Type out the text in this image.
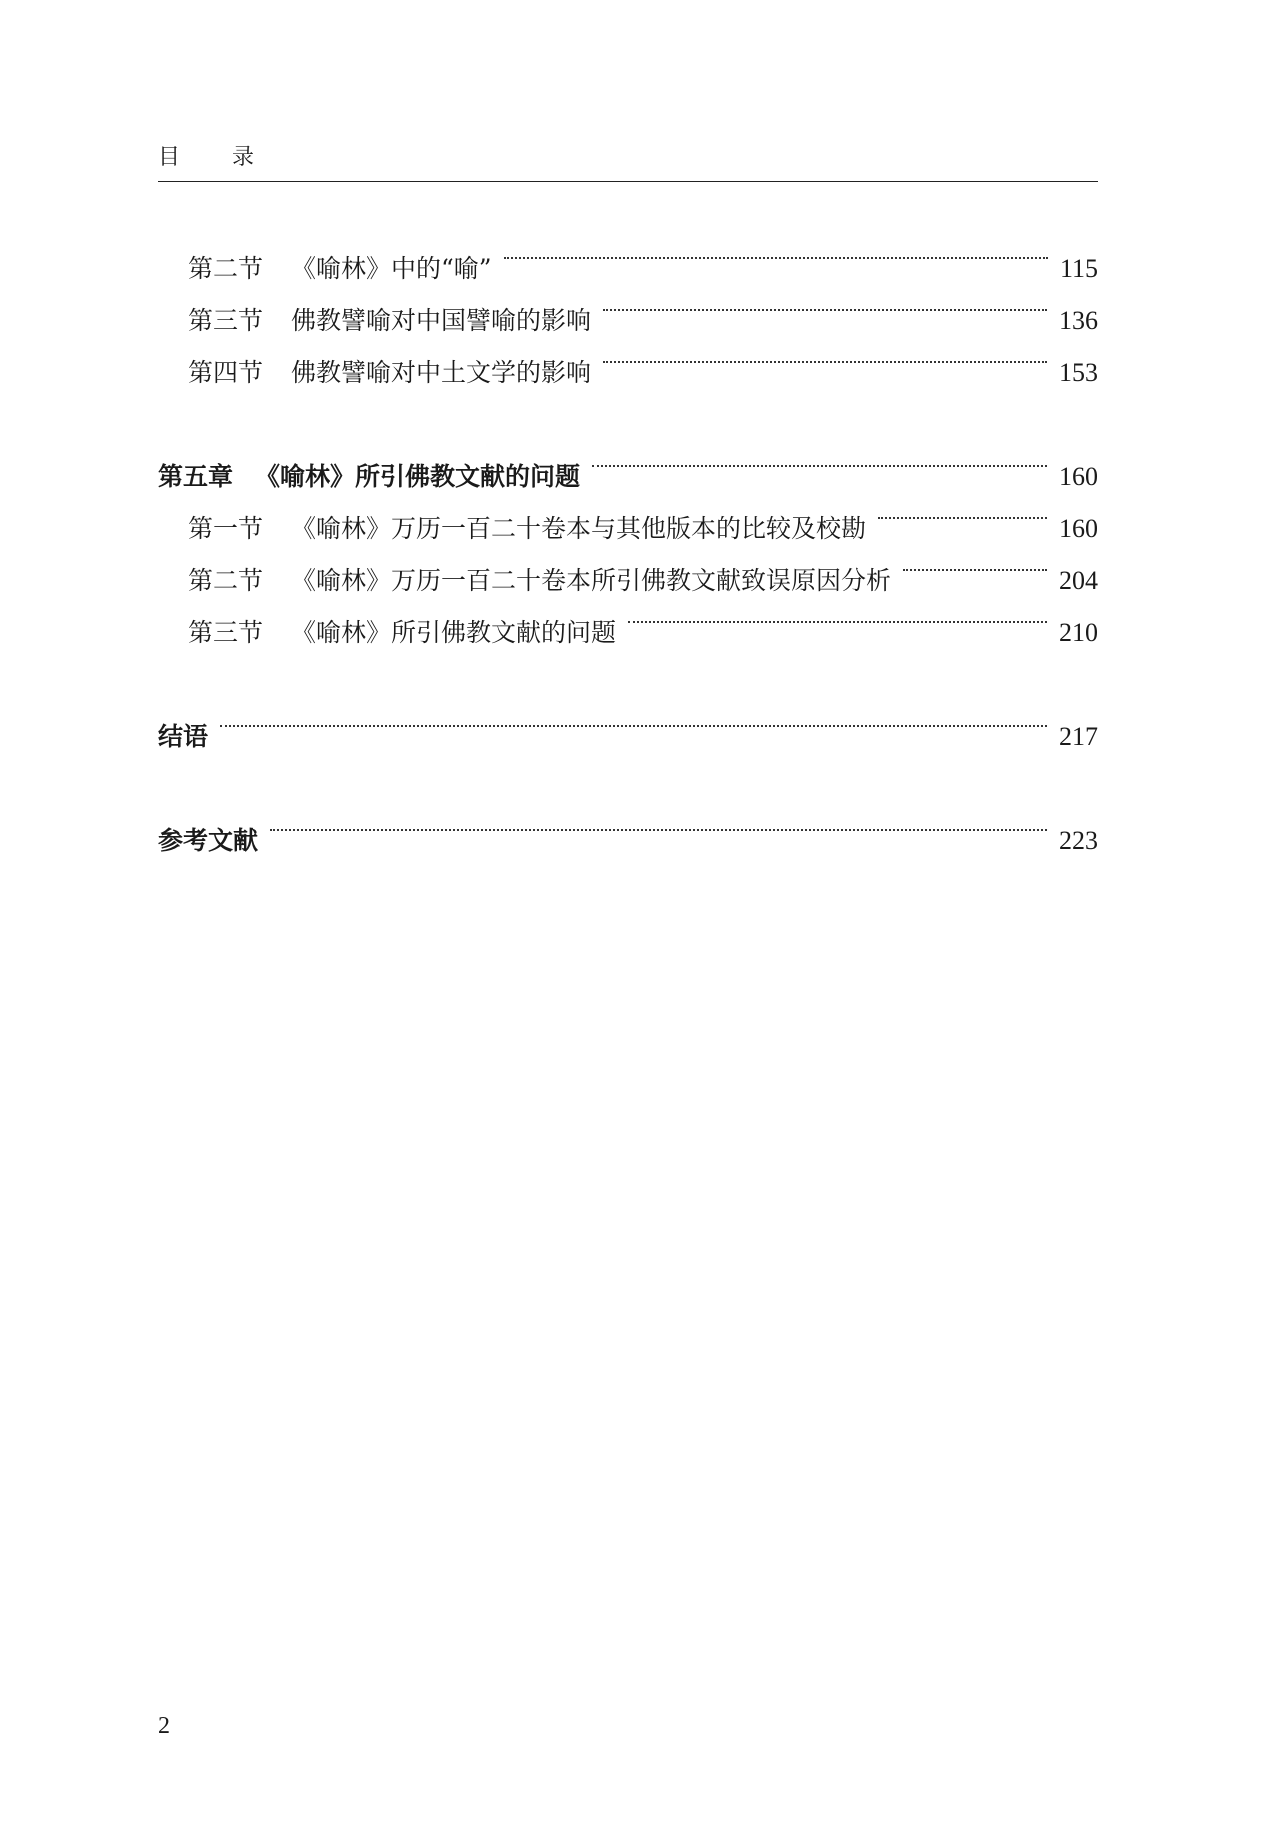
目 录
第二节 《喻林》中的“喻”	115
第三节 佛教譬喻对中国譬喻的影响	136
第四节 佛教譬喻对中土文学的影响	153
第五章 《喻林》所引佛教文献的问题	160
第一节 《喻林》万历一百二十卷本与其他版本的比较及校勘	160
第二节 《喻林》万历一百二十卷本所引佛教文献致误原因分析	204
第三节 《喻林》所引佛教文献的问题	210
结语	217
参考文献	223
2
